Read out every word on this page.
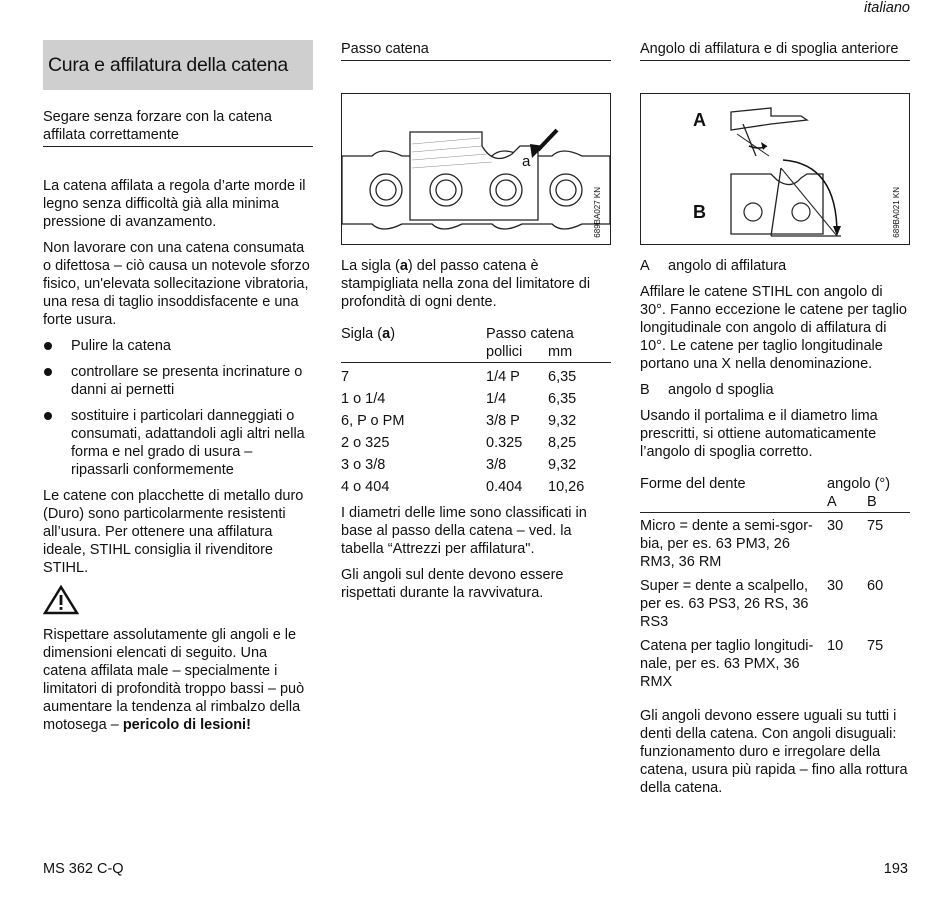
italiano
Cura e affilatura della catena
Segare senza forzare con la catena affilata correttamente

La catena affilata a regola d’arte morde il legno senza difficoltà già alla minima pressione di avanzamento.

Non lavorare con una catena consumata o difettosa – ciò causa un notevole sforzo fisico, un'elevata sollecitazione vibratoria, una resa di taglio insoddisfacente e una forte usura.

Pulire la catena
controllare se presenta incrinature o danni ai pernetti
sostituire i particolari danneggiati o consumati, adattandoli agli altri nella forma e nel grado di usura – ripassarli conformemente

Le catene con placchette di metallo duro (Duro) sono particolarmente resistenti all’usura. Per ottenere una affilatura ideale, STIHL consiglia il rivenditore STIHL.

Rispettare assolutamente gli angoli e le dimensioni elencati di seguito. Una catena affilata male – specialmente i limitatori di profondità troppo bassi – può aumentare la tendenza al rimbalzo della motosega – pericolo di lesioni!

Passo catena
a
689BA027 KN

La sigla (a) del passo catena è stampigliata nella zona del limitatore di profondità di ogni dente.

Sigla (a)	Passo catena	
	pollici	mm

7	1/4 P	6,35
1 o 1/4	1/4	6,35
6, P o PM	3/8 P	9,32
2 o 325	0.325	8,25
3 o 3/8	3/8	9,32
4 o 404	0.404	10,26

I diametri delle lime sono classificati in base al passo della catena – ved. la tabella “Attrezzi per affilatura".

Gli angoli sul dente devono essere rispettati durante la ravvivatura.

Angolo di affilatura e di spoglia anteriore
A
B	689BA021 KN

A angolo di affilatura

Affilare le catene STIHL con angolo di 30°. Fanno eccezione le catene per taglio longitudinale con angolo di affilatura di 10°. Le catene per taglio longitudinale portano una X nella denominazione.

B angolo d spoglia

Usando il portalima e il diametro lima prescritti, si ottiene automaticamente l’angolo di spoglia corretto.

Forme del dente	angolo (°)	
	A	B

Micro = dente a semi-sgor-bia, per es. 63 PM3, 26 RM3, 36 RM	30	75
Super = dente a scalpello, per es. 63 PS3, 26 RS, 36 RS3	30	60
Catena per taglio longitudi-nale, per es. 63 PMX, 36 RMX	10	75

Gli angoli devono essere uguali su tutti i denti della catena. Con angoli disuguali: funzionamento duro e irregolare della catena, usura più rapida – fino alla rottura della catena.

MS 362 C-Q	193
